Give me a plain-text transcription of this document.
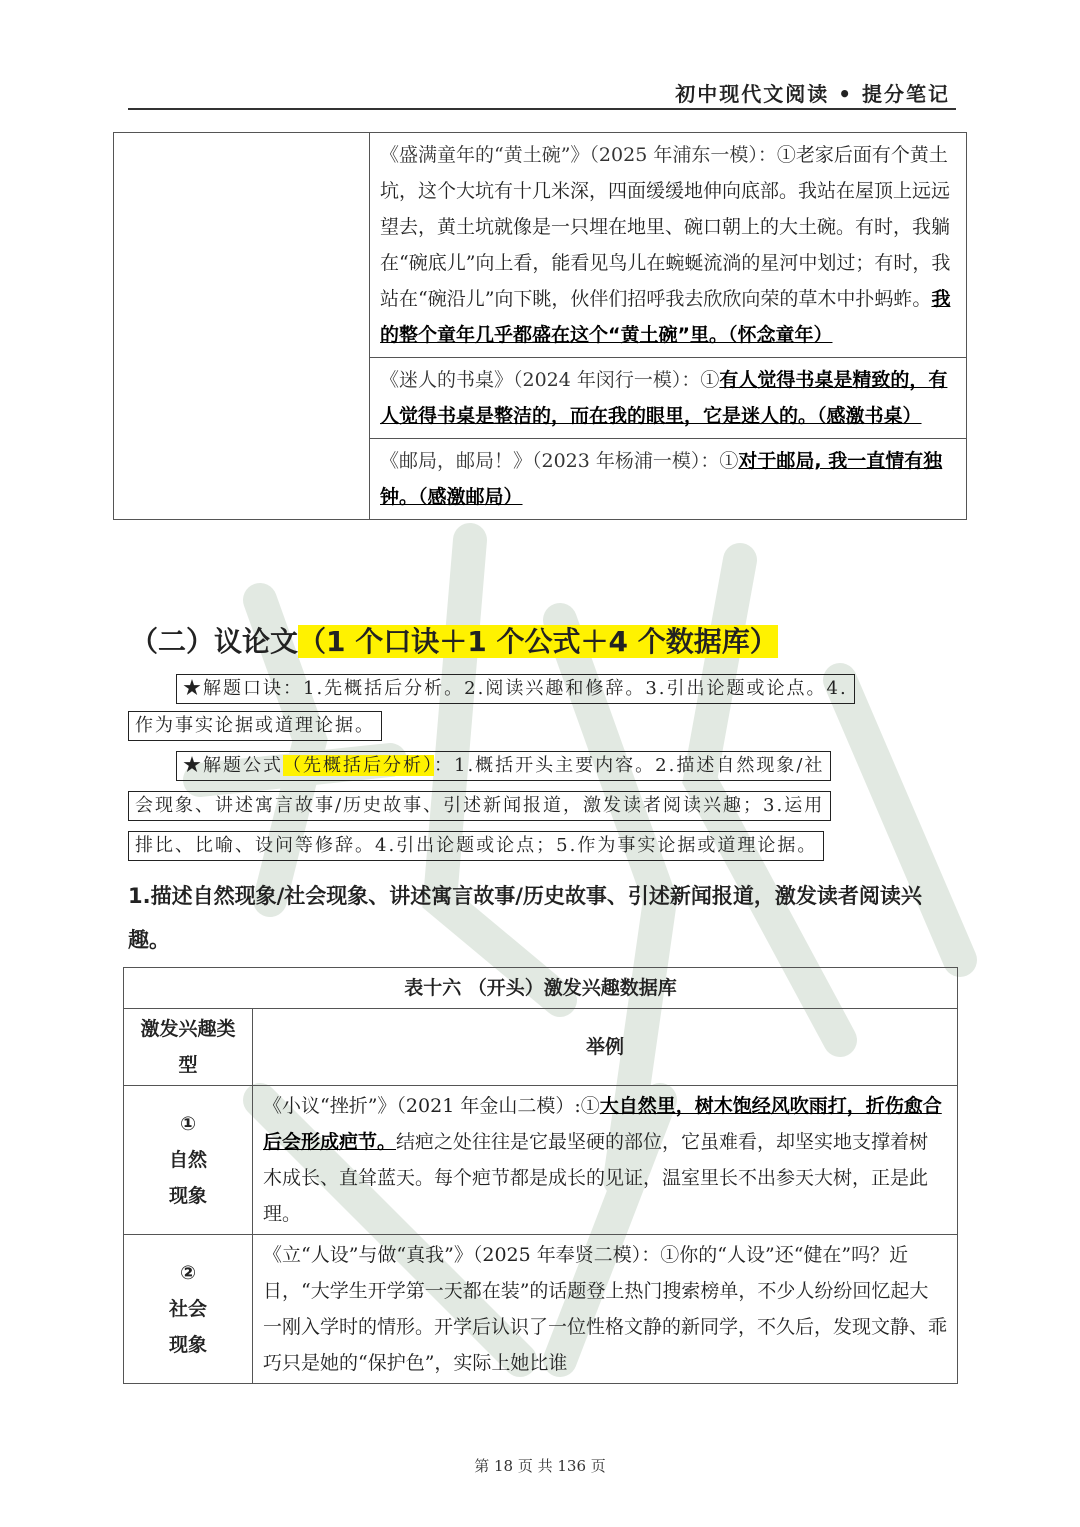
初中现代文阅读 • 提分笔记
	《盛满童年的“黄土碗”》（2025 年浦东一模）：①老家后面有个黄土坑，这个大坑有十几米深，四面缓缓地伸向底部。我站在屋顶上远远望去，黄土坑就像是一只埋在地里、碗口朝上的大土碗。有时，我躺在“碗底儿”向上看，能看见鸟儿在蜿蜒流淌的星河中划过；有时，我站在“碗沿儿”向下眺，伙伴们招呼我去欣欣向荣的草木中扑蚂蚱。我的整个童年几乎都盛在这个“黄土碗”里。（怀念童年）
《迷人的书桌》（2024 年闵行一模）：①有人觉得书桌是精致的，有人觉得书桌是整洁的，而在我的眼里，它是迷人的。（感激书桌）
《邮局，邮局！》（2023 年杨浦一模）：①对于邮局, 我一直情有独钟。（感激邮局）
（二）议论文（1 个口诀＋1 个公式＋4 个数据库）
★解题口诀：1.先概括后分析。2.阅读兴趣和修辞。3.引出论题或论点。4.
作为事实论据或道理论据。
★解题公式（先概括后分析）：1.概括开头主要内容。2.描述自然现象/社
会现象、讲述寓言故事/历史故事、引述新闻报道，激发读者阅读兴趣；3.运用
排比、比喻、设问等修辞。4.引出论题或论点；5.作为事实论据或道理论据。
1.描述自然现象/社会现象、讲述寓言故事/历史故事、引述新闻报道，激发读者阅读兴趣。
表十六 （开头）激发兴趣数据库	
激发兴趣类型	举例

①
自然现象	《小议“挫折”》（2021 年金山二模）:①大自然里，树木饱经风吹雨打，折伤愈合后会形成疤节。结疤之处往往是它最坚硬的部位，它虽难看，却坚实地支撑着树木成长、直耸蓝天。每个疤节都是成长的见证，温室里长不出参天大树，正是此理。

②
社会现象	《立“人设”与做“真我”》（2025 年奉贤二模）：①你的“人设”还“健在”吗？近日，“大学生开学第一天都在装”的话题登上热门搜索榜单，不少人纷纷回忆起大一刚入学时的情形。开学后认识了一位性格文静的新同学，不久后，发现文静、乖巧只是她的“保护色”，实际上她比谁
第 18 页 共 136 页
